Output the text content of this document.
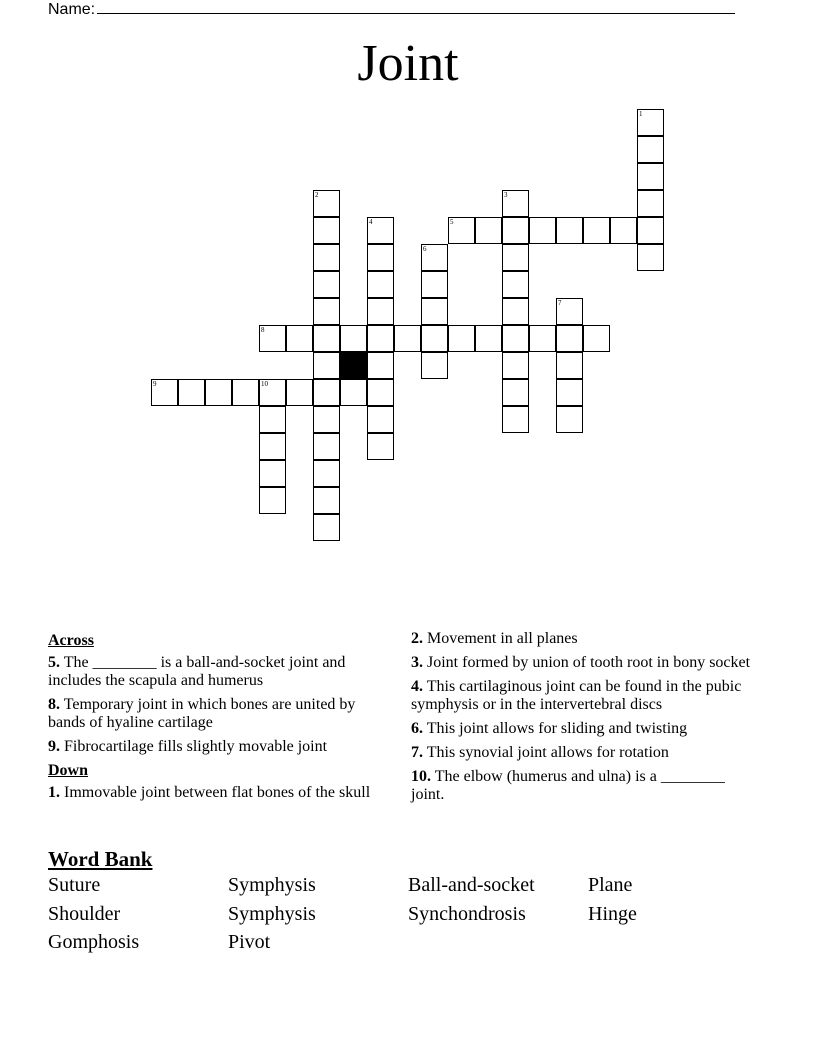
Name:
Joint
1
2	3
4	5
6
7
8
9	10
Across
5. The ________ is a ball-and-socket joint and includes the scapula and humerus
8. Temporary joint in which bones are united by bands of hyaline cartilage
9. Fibrocartilage fills slightly movable joint
Down
1. Immovable joint between flat bones of the skull
2. Movement in all planes
3. Joint formed by union of tooth root in bony socket
4. This cartilaginous joint can be found in the pubic symphysis or in the intervertebral discs
6. This joint allows for sliding and twisting
7. This synovial joint allows for rotation
10. The elbow (humerus and ulna) is a ________ joint.
Word Bank
Suture	Symphysis	Ball-and-socket	Plane
Shoulder	Symphysis	Synchondrosis	Hinge
Gomphosis	Pivot
